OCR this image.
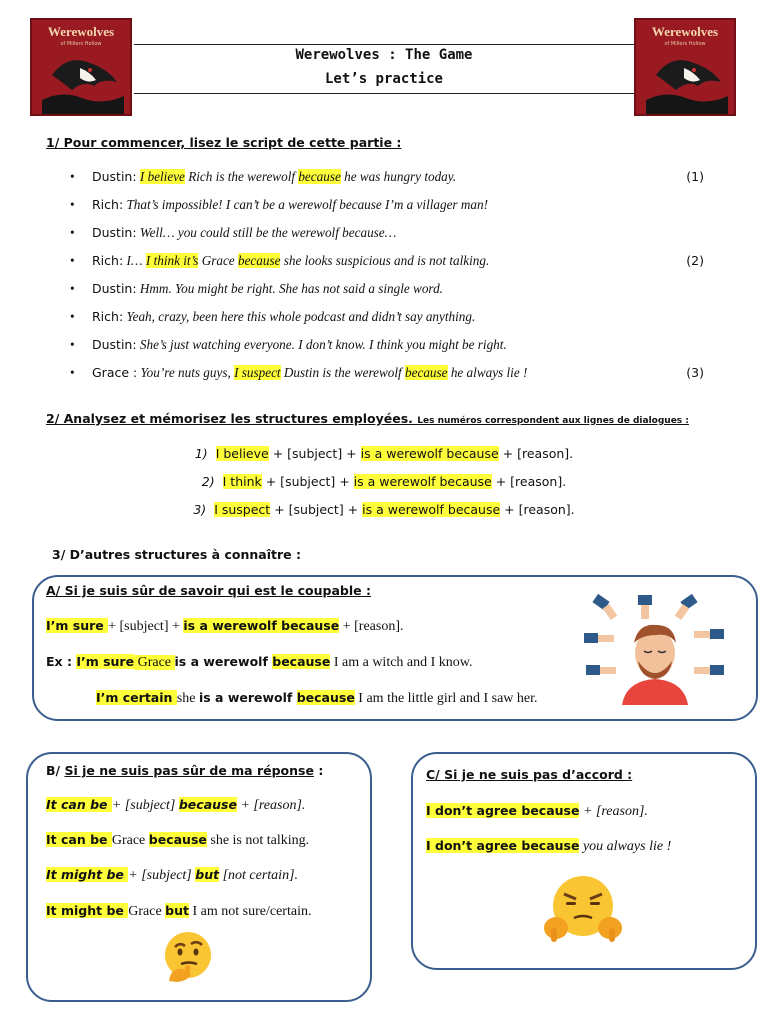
Werewolves
of Millers Hollow
Werewolves
of Millers Hollow
Werewolves : The Game
Let’s practice
1/ Pour commencer, lisez le script de cette partie :
• Dustin: I believe Rich is the werewolf because he was hungry today.	(1)
• Rich: That’s impossible! I can’t be a werewolf because I’m a villager man!
• Dustin: Well… you could still be the werewolf because…
• Rich: I… I think it’s Grace because she looks suspicious and is not talking.	(2)
• Dustin: Hmm. You might be right. She has not said a single word.
• Rich: Yeah, crazy, been here this whole podcast and didn’t say anything.
• Dustin: She’s just watching everyone. I don’t know. I think you might be right.
• Grace : You’re nuts guys, I suspect Dustin is the werewolf because he always lie !	(3)
2/ Analysez et mémorisez les structures employées. Les numéros correspondent aux lignes de dialogues :
1) I believe + [subject] + is a werewolf because + [reason].
2) I think + [subject] + is a werewolf because + [reason].
3) I suspect + [subject] + is a werewolf because + [reason].
3/ D’autres structures à connaître :
A/ Si je suis sûr de savoir qui est le coupable :
I’m sure + [subject] + is a werewolf because + [reason].
Ex : I’m sure Grace is a werewolf because I am a witch and I know.
I’m certain she is a werewolf because I am the little girl and I saw her.
B/ Si je ne suis pas sûr de ma réponse :
It can be + [subject] because + [reason].
It can be Grace because she is not talking.
It might be + [subject] but [not certain].
It might be Grace but I am not sure/certain.
C/ Si je ne suis pas d’accord :
I don’t agree because + [reason].
I don’t agree because you always lie !
